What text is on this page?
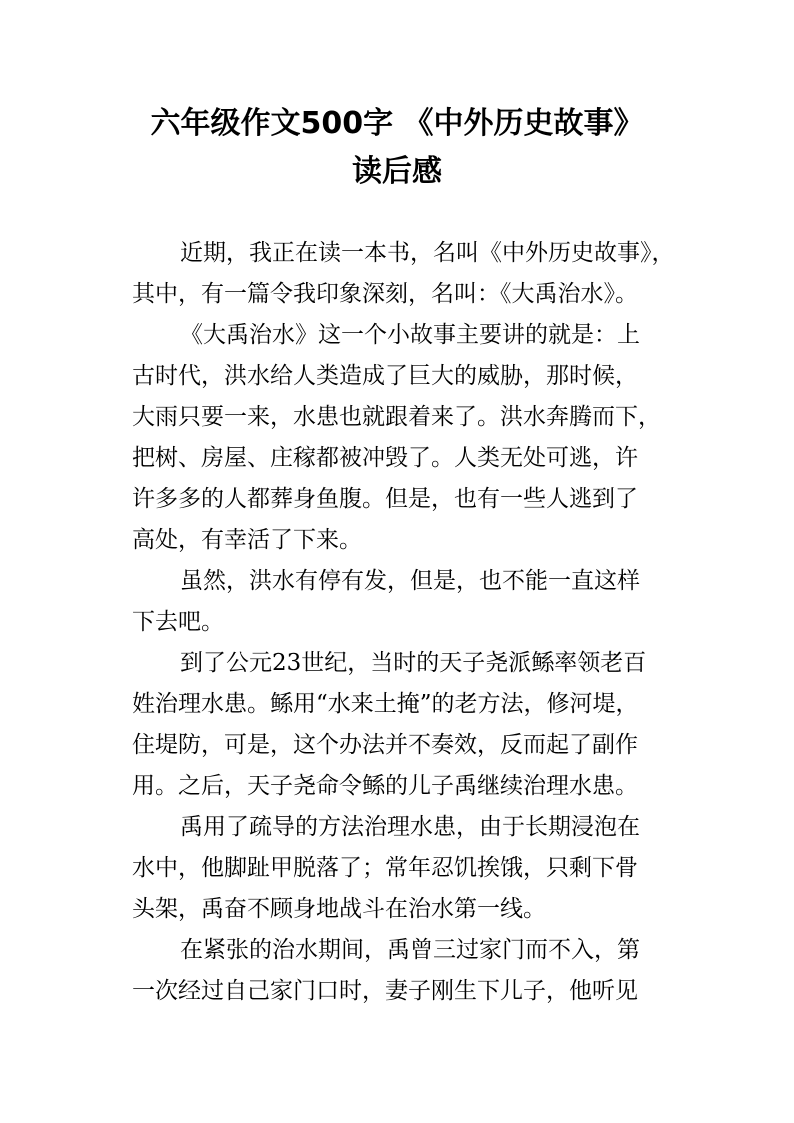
六年级作文500字 《中外历史故事》
读后感
近期，我正在读一本书，名叫《中外历史故事》，
其中，有一篇令我印象深刻，名叫：《大禹治水》。
《大禹治水》这一个小故事主要讲的就是：上
古时代，洪水给人类造成了巨大的威胁，那时候，
大雨只要一来，水患也就跟着来了。洪水奔腾而下，
把树、房屋、庄稼都被冲毁了。人类无处可逃，许
许多多的人都葬身鱼腹。但是，也有一些人逃到了
高处，有幸活了下来。
虽然，洪水有停有发，但是，也不能一直这样
下去吧。
到了公元23世纪，当时的天子尧派鲧率领老百
姓治理水患。鲧用“水来土掩”的老方法，修河堤，
住堤防，可是，这个办法并不奏效，反而起了副作
用。之后，天子尧命令鲧的儿子禹继续治理水患。
禹用了疏导的方法治理水患，由于长期浸泡在
水中，他脚趾甲脱落了；常年忍饥挨饿，只剩下骨
头架，禹奋不顾身地战斗在治水第一线。
在紧张的治水期间，禹曾三过家门而不入，第
一次经过自己家门口时，妻子刚生下儿子，他听见
